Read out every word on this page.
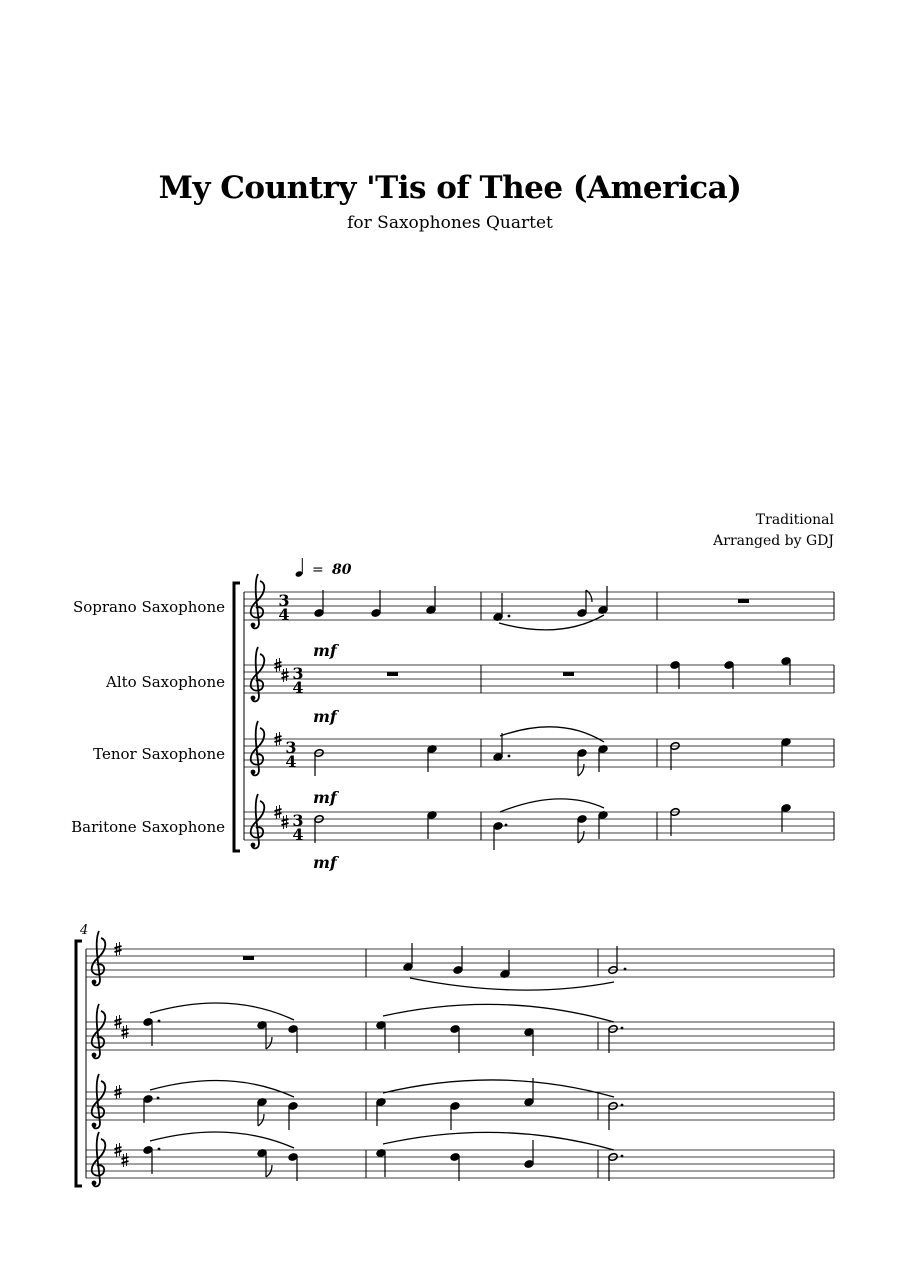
My Country 'Tis of Thee (America)
for Saxophones Quartet
Traditional
Arranged by GDJ
Soprano Saxophone
Alto Saxophone
Tenor Saxophone
Baritone Saxophone
= 80
3
4
3
4
3
4
3
4
mf
mf
mf
mf
4
